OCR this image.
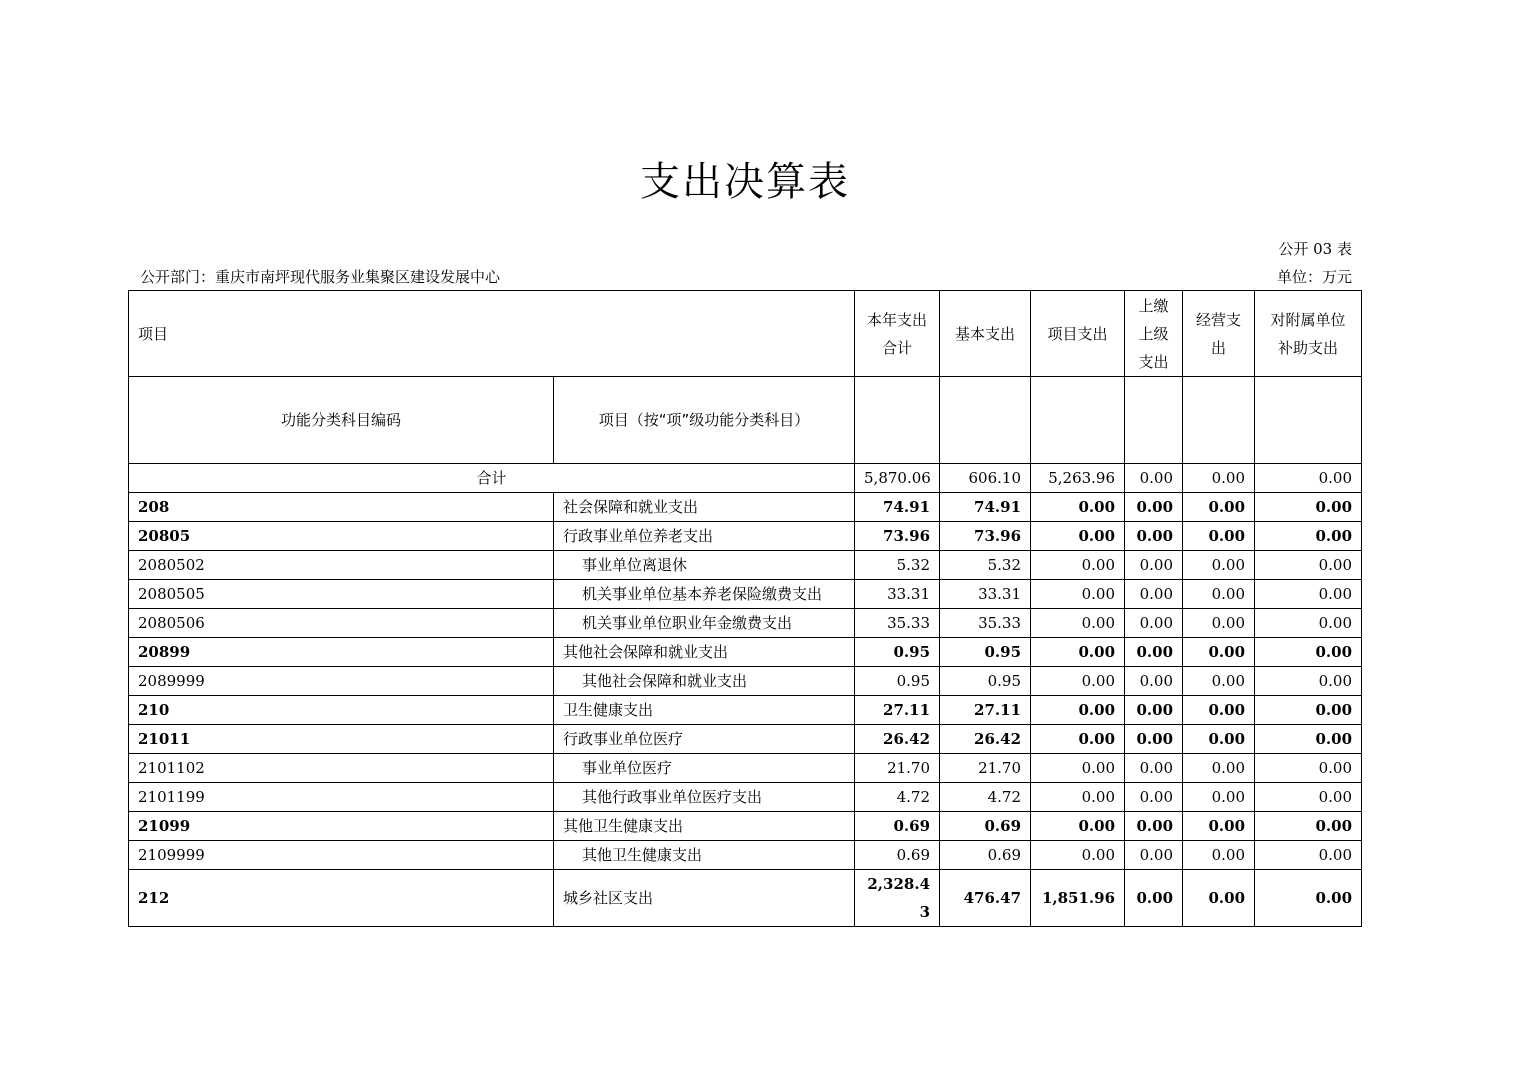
支出决算表
公开 03 表
公开部门：重庆市南坪现代服务业集聚区建设发展中心	单位：万元
项目		本年支出合计	基本支出	项目支出	上缴上级支出	经营支出	对附属单位补助支出
功能分类科目编码	项目（按“项”级功能分类科目）						
合计		5,870.06	606.10	5,263.96	0.00	0.00	0.00
208	社会保障和就业支出	74.91	74.91	0.00	0.00	0.00	0.00
20805	行政事业单位养老支出	73.96	73.96	0.00	0.00	0.00	0.00
2080502	事业单位离退休	5.32	5.32	0.00	0.00	0.00	0.00
2080505	机关事业单位基本养老保险缴费支出	33.31	33.31	0.00	0.00	0.00	0.00
2080506	机关事业单位职业年金缴费支出	35.33	35.33	0.00	0.00	0.00	0.00
20899	其他社会保障和就业支出	0.95	0.95	0.00	0.00	0.00	0.00
2089999	其他社会保障和就业支出	0.95	0.95	0.00	0.00	0.00	0.00
210	卫生健康支出	27.11	27.11	0.00	0.00	0.00	0.00
21011	行政事业单位医疗	26.42	26.42	0.00	0.00	0.00	0.00
2101102	事业单位医疗	21.70	21.70	0.00	0.00	0.00	0.00
2101199	其他行政事业单位医疗支出	4.72	4.72	0.00	0.00	0.00	0.00
21099	其他卫生健康支出	0.69	0.69	0.00	0.00	0.00	0.00
2109999	其他卫生健康支出	0.69	0.69	0.00	0.00	0.00	0.00
212	城乡社区支出	2,328.43	476.47	1,851.96	0.00	0.00	0.00
